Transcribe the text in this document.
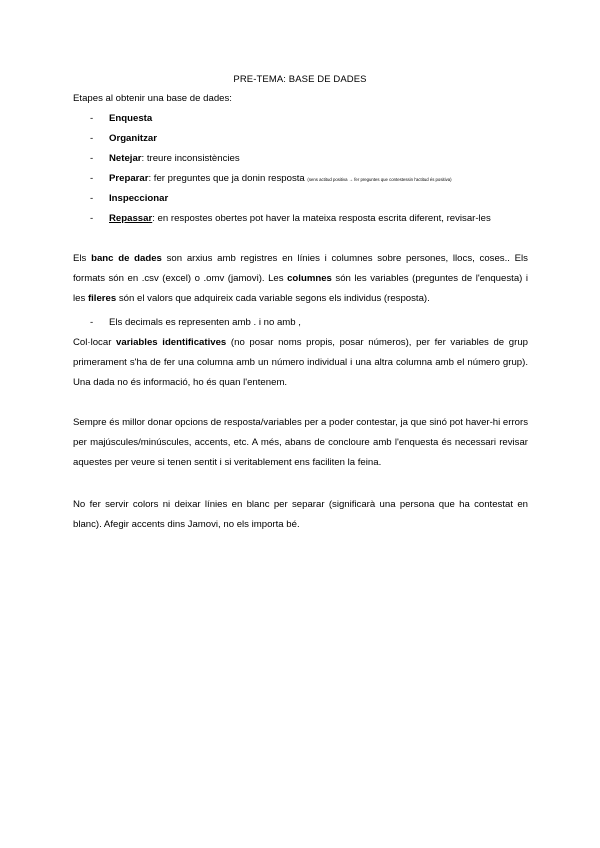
PRE-TEMA: BASE DE DADES

Etapes al obtenir una base de dades:

- Enquesta
- Organitzar
- Netejar: treure inconsistències
- Preparar: fer preguntes que ja donin resposta (sens actitud positiva → fer preguntes que contestessin l'actitud és positiva)
- Inspeccionar
- Repassar: en respostes obertes pot haver la mateixa resposta escrita diferent, revisar-les

Els banc de dades son arxius amb registres en línies i columnes sobre persones, llocs, coses.. Els formats són en .csv (excel) o .omv (jamovi). Les columnes són les variables (preguntes de l'enquesta) i les fileres són el valors que adquireix cada variable segons els individus (resposta).

- Els decimals es representen amb . i no amb ,

Col·locar variables identificatives (no posar noms propis, posar números), per fer variables de grup primerament s'ha de fer una columna amb un número individual i una altra columna amb el número grup). Una dada no és informació, ho és quan l'entenem.

Sempre és millor donar opcions de resposta/variables per a poder contestar, ja que sinó pot haver-hi errors per majúscules/minúscules, accents, etc. A més, abans de concloure amb l'enquesta és necessari revisar aquestes per veure si tenen sentit i si veritablement ens faciliten la feina.

No fer servir colors ni deixar línies en blanc per separar (significarà una persona que ha contestat en blanc). Afegir accents dins Jamovi, no els importa bé.
